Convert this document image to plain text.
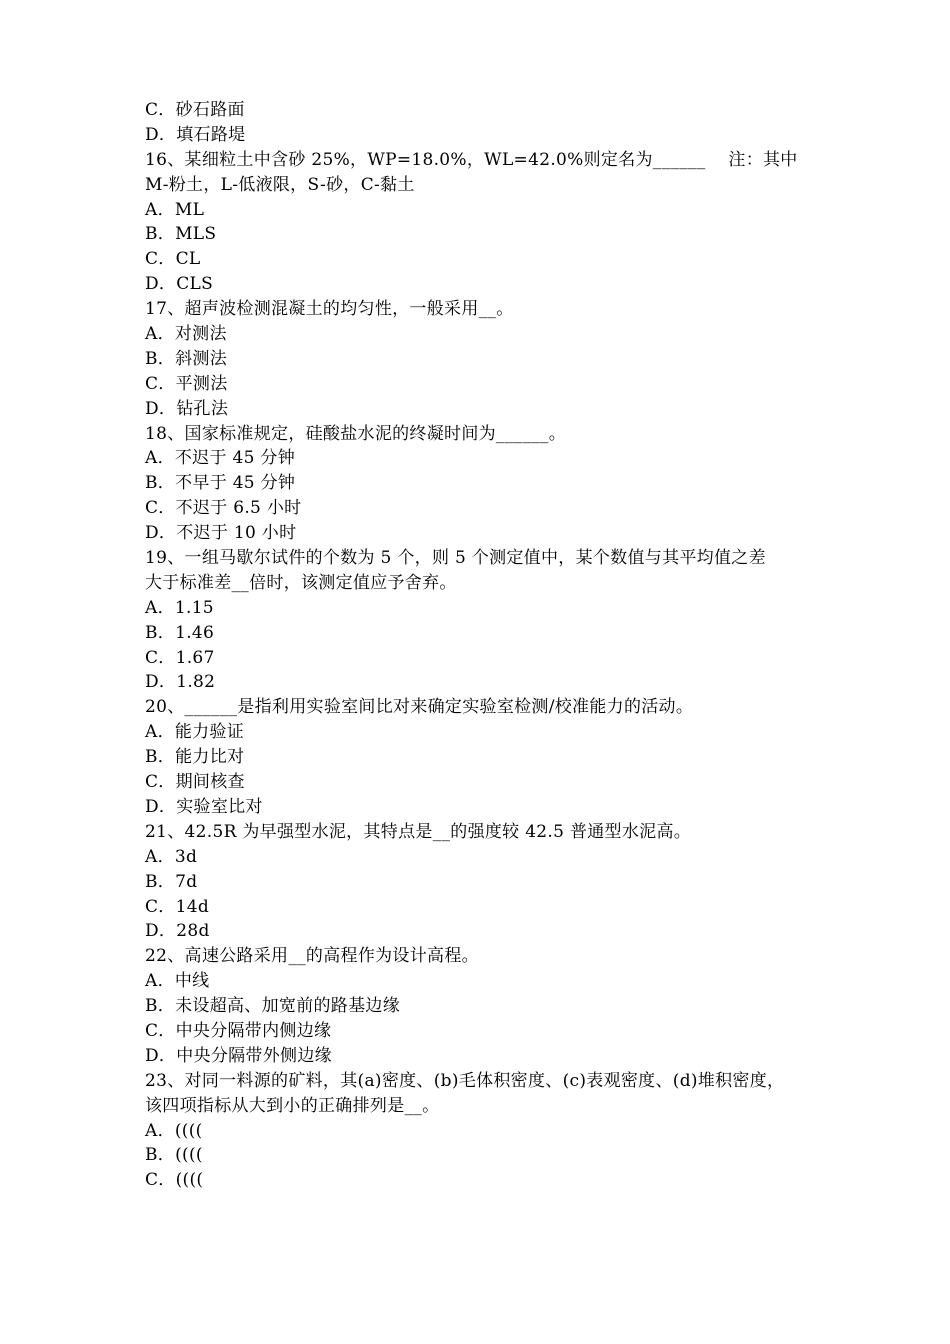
C．砂石路面
D．填石路堤
16、某细粒土中含砂 25%，WP=18.0%，WL=42.0%则定名为______    注：其中
M-粉土，L-低液限，S-砂，C-黏土
A．ML
B．MLS
C．CL
D．CLS
17、超声波检测混凝土的均匀性，一般采用__。
A．对测法
B．斜测法
C．平测法
D．钻孔法
18、国家标准规定，硅酸盐水泥的终凝时间为______。
A．不迟于 45 分钟
B．不早于 45 分钟
C．不迟于 6.5 小时
D．不迟于 10 小时
19、一组马歇尔试件的个数为 5 个，则 5 个测定值中，某个数值与其平均值之差
大于标准差__倍时，该测定值应予舍弃。
A．1.15
B．1.46
C．1.67
D．1.82
20、______是指利用实验室间比对来确定实验室检测/校准能力的活动。
A．能力验证
B．能力比对
C．期间核查
D．实验室比对
21、42.5R 为早强型水泥，其特点是__的强度较 42.5 普通型水泥高。
A．3d
B．7d
C．14d
D．28d
22、高速公路采用__的高程作为设计高程。
A．中线
B．未设超高、加宽前的路基边缘
C．中央分隔带内侧边缘
D．中央分隔带外侧边缘
23、对同一料源的矿料，其(a)密度、(b)毛体积密度、(c)表观密度、(d)堆积密度，
该四项指标从大到小的正确排列是__。
A．((((
B．((((
C．((((
